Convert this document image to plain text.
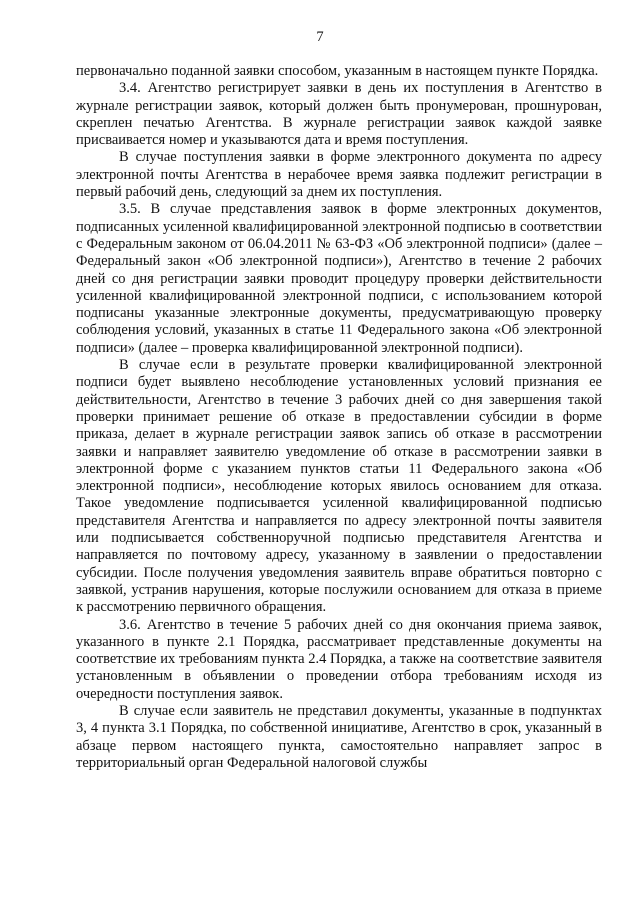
7

первоначально поданной заявки способом, указанным в настоящем пункте Порядка.

3.4. Агентство регистрирует заявки в день их поступления в Агентство в журнале регистрации заявок, который должен быть пронумерован, прошнурован, скреплен печатью Агентства. В журнале регистрации заявок каждой заявке присваивается номер и указываются дата и время поступления.

В случае поступления заявки в форме электронного документа по адресу электронной почты Агентства в нерабочее время заявка подлежит регистрации в первый рабочий день, следующий за днем их поступления.

3.5. В случае представления заявок в форме электронных документов, подписанных усиленной квалифицированной электронной подписью в соответствии с Федеральным законом от 06.04.2011 № 63-ФЗ «Об электронной подписи» (далее – Федеральный закон «Об электронной подписи»), Агентство в течение 2 рабочих дней со дня регистрации заявки проводит процедуру проверки действительности усиленной квалифицированной электронной подписи, с использованием которой подписаны указанные электронные документы, предусматривающую проверку соблюдения условий, указанных в статье 11 Федерального закона «Об электронной подписи» (далее – проверка квалифицированной электронной подписи).

В случае если в результате проверки квалифицированной электронной подписи будет выявлено несоблюдение установленных условий признания ее действительности, Агентство в течение 3 рабочих дней со дня завершения такой проверки принимает решение об отказе в предоставлении субсидии в форме приказа, делает в журнале регистрации заявок запись об отказе в рассмотрении заявки и направляет заявителю уведомление об отказе в рассмотрении заявки в электронной форме с указанием пунктов статьи 11 Федерального закона «Об электронной подписи», несоблюдение которых явилось основанием для отказа. Такое уведомление подписывается усиленной квалифицированной подписью представителя Агентства и направляется по адресу электронной почты заявителя или подписывается собственноручной подписью представителя Агентства и направляется по почтовому адресу, указанному в заявлении о предоставлении субсидии. После получения уведомления заявитель вправе обратиться повторно с заявкой, устранив нарушения, которые послужили основанием для отказа в приеме к рассмотрению первичного обращения.

3.6. Агентство в течение 5 рабочих дней со дня окончания приема заявок, указанного в пункте 2.1 Порядка, рассматривает представленные документы на соответствие их требованиям пункта 2.4 Порядка, а также на соответствие заявителя установленным в объявлении о проведении отбора требованиям исходя из очередности поступления заявок.

В случае если заявитель не представил документы, указанные в подпунктах 3, 4 пункта 3.1 Порядка, по собственной инициативе, Агентство в срок, указанный в абзаце первом настоящего пункта, самостоятельно направляет запрос в территориальный орган Федеральной налоговой службы
